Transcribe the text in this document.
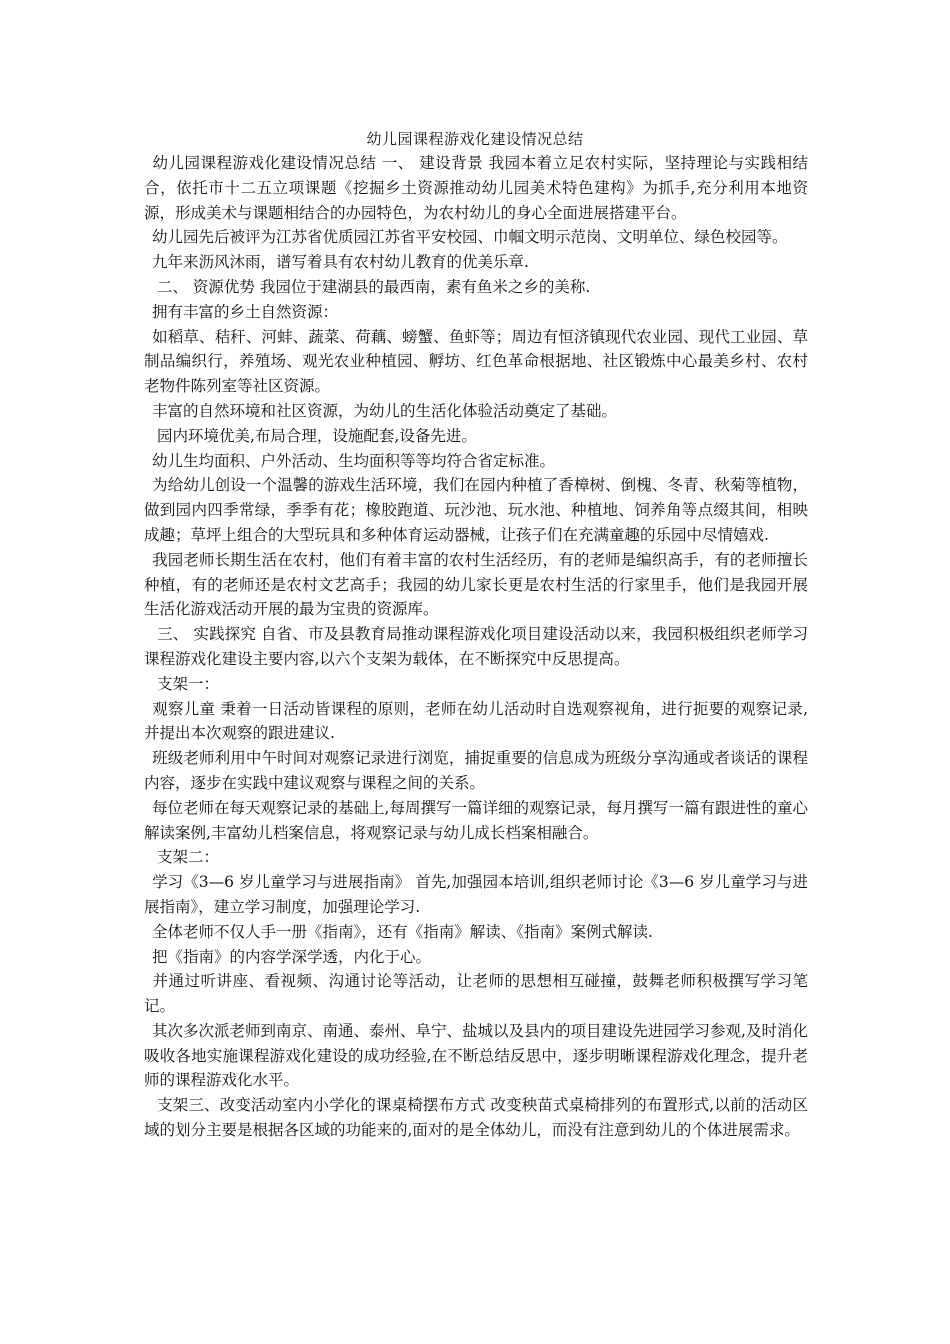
幼儿园课程游戏化建设情况总结

幼儿园课程游戏化建设情况总结 一、 建设背景 我园本着立足农村实际，坚持理论与实践相结合，依托市十二五立项课题《挖掘乡土资源推动幼儿园美术特色建构》为抓手,充分利用本地资源，形成美术与课题相结合的办园特色，为农村幼儿的身心全面进展搭建平台。

幼儿园先后被评为江苏省优质园江苏省平安校园、巾帼文明示范岗、文明单位、绿色校园等。

九年来沥风沐雨，谱写着具有农村幼儿教育的优美乐章.

二、 资源优势 我园位于建湖县的最西南，素有鱼米之乡的美称.

拥有丰富的乡土自然资源：

如稻草、秸秆、河蚌、蔬菜、荷藕、螃蟹、鱼虾等；周边有恒济镇现代农业园、现代工业园、草制品编织行，养殖场、观光农业种植园、孵坊、红色革命根据地、社区锻炼中心最美乡村、农村老物件陈列室等社区资源。

丰富的自然环境和社区资源，为幼儿的生活化体验活动奠定了基础。

园内环境优美,布局合理，设施配套,设备先进。

幼儿生均面积、户外活动、生均面积等等均符合省定标准。

为给幼儿创设一个温馨的游戏生活环境，我们在园内种植了香樟树、倒槐、冬青、秋菊等植物，做到园内四季常绿，季季有花；橡胶跑道、玩沙池、玩水池、种植地、饲养角等点缀其间，相映成趣；草坪上组合的大型玩具和多种体育运动器械，让孩子们在充满童趣的乐园中尽情嬉戏.

我园老师长期生活在农村，他们有着丰富的农村生活经历，有的老师是编织高手，有的老师擅长种植，有的老师还是农村文艺高手；我园的幼儿家长更是农村生活的行家里手，他们是我园开展生活化游戏活动开展的最为宝贵的资源库。

三、 实践探究 自省、市及县教育局推动课程游戏化项目建设活动以来，我园积极组织老师学习课程游戏化建设主要内容,以六个支架为载体，在不断探究中反思提高。

支架一：

观察儿童 秉着一日活动皆课程的原则，老师在幼儿活动时自选观察视角，进行扼要的观察记录,并提出本次观察的跟进建议.

班级老师利用中午时间对观察记录进行浏览，捕捉重要的信息成为班级分享沟通或者谈话的课程内容，逐步在实践中建议观察与课程之间的关系。

每位老师在每天观察记录的基础上,每周撰写一篇详细的观察记录，每月撰写一篇有跟进性的童心解读案例,丰富幼儿档案信息，将观察记录与幼儿成长档案相融合。

支架二：

学习《3—6 岁儿童学习与进展指南》 首先,加强园本培训,组织老师讨论《3—6 岁儿童学习与进展指南》，建立学习制度，加强理论学习.

全体老师不仅人手一册《指南》，还有《指南》解读、《指南》案例式解读.

把《指南》的内容学深学透，内化于心。

并通过听讲座、看视频、沟通讨论等活动，让老师的思想相互碰撞，鼓舞老师积极撰写学习笔记。

其次多次派老师到南京、南通、泰州、阜宁、盐城以及县内的项目建设先进园学习参观,及时消化吸收各地实施课程游戏化建设的成功经验,在不断总结反思中，逐步明晰课程游戏化理念，提升老师的课程游戏化水平。

支架三、改变活动室内小学化的课桌椅摆布方式 改变秧苗式桌椅排列的布置形式,以前的活动区域的划分主要是根据各区域的功能来的,面对的是全体幼儿，而没有注意到幼儿的个体进展需求。
